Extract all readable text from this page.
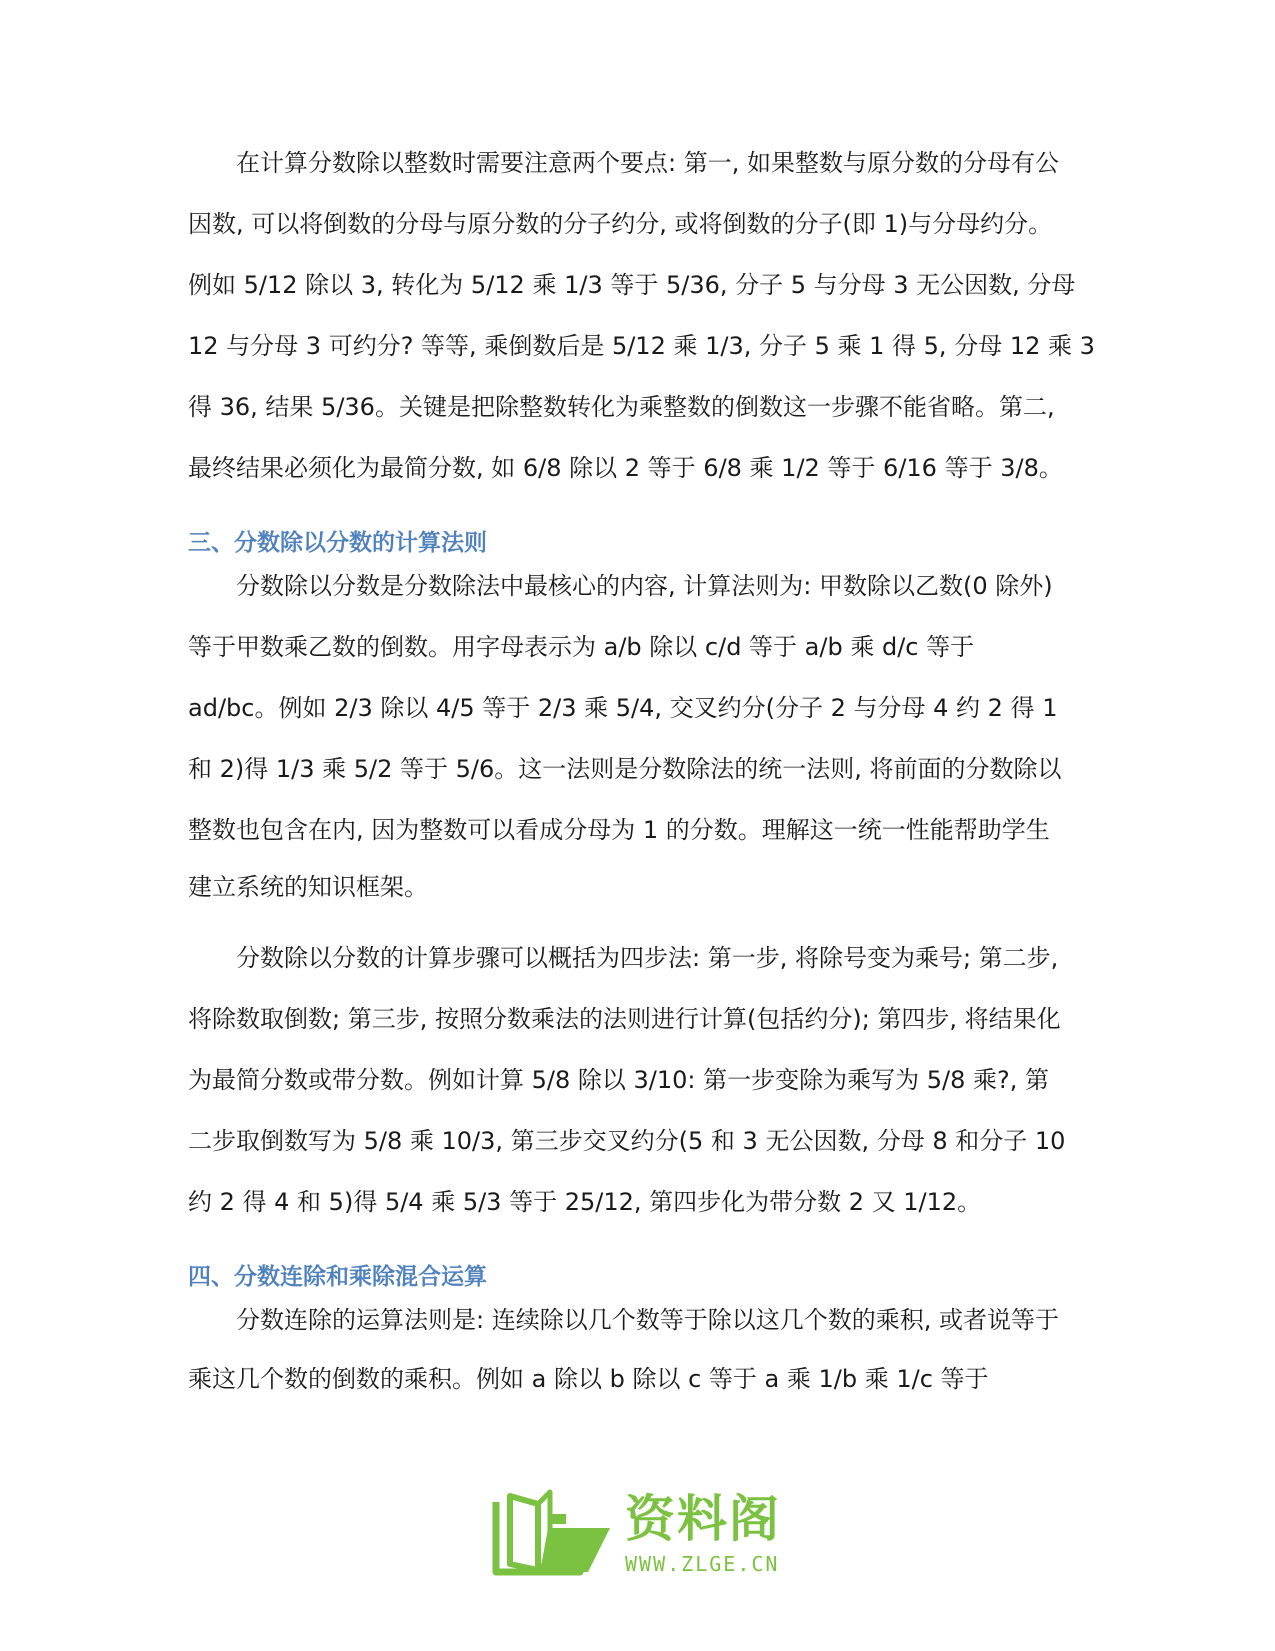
　　在计算分数除以整数时需要注意两个要点: 第一, 如果整数与原分数的分母有公

因数, 可以将倒数的分母与原分数的分子约分, 或将倒数的分子(即 1)与分母约分。

例如 5/12 除以 3, 转化为 5/12 乘 1/3 等于 5/36, 分子 5 与分母 3 无公因数, 分母

12 与分母 3 可约分? 等等, 乘倒数后是 5/12 乘 1/3, 分子 5 乘 1 得 5, 分母 12 乘 3

得 36, 结果 5/36。关键是把除整数转化为乘整数的倒数这一步骤不能省略。第二,

最终结果必须化为最简分数, 如 6/8 除以 2 等于 6/8 乘 1/2 等于 6/16 等于 3/8。

三、分数除以分数的计算法则

　　分数除以分数是分数除法中最核心的内容, 计算法则为: 甲数除以乙数(0 除外)

等于甲数乘乙数的倒数。用字母表示为 a/b 除以 c/d 等于 a/b 乘 d/c 等于

ad/bc。例如 2/3 除以 4/5 等于 2/3 乘 5/4, 交叉约分(分子 2 与分母 4 约 2 得 1

和 2)得 1/3 乘 5/2 等于 5/6。这一法则是分数除法的统一法则, 将前面的分数除以

整数也包含在内, 因为整数可以看成分母为 1 的分数。理解这一统一性能帮助学生

建立系统的知识框架。

　　分数除以分数的计算步骤可以概括为四步法: 第一步, 将除号变为乘号; 第二步,

将除数取倒数; 第三步, 按照分数乘法的法则进行计算(包括约分); 第四步, 将结果化

为最简分数或带分数。例如计算 5/8 除以 3/10: 第一步变除为乘写为 5/8 乘?, 第

二步取倒数写为 5/8 乘 10/3, 第三步交叉约分(5 和 3 无公因数, 分母 8 和分子 10

约 2 得 4 和 5)得 5/4 乘 5/3 等于 25/12, 第四步化为带分数 2 又 1/12。

四、分数连除和乘除混合运算

　　分数连除的运算法则是: 连续除以几个数等于除以这几个数的乘积, 或者说等于

乘这几个数的倒数的乘积。例如 a 除以 b 除以 c 等于 a 乘 1/b 乘 1/c 等于

资料阁
WWW.ZLGE.CN
